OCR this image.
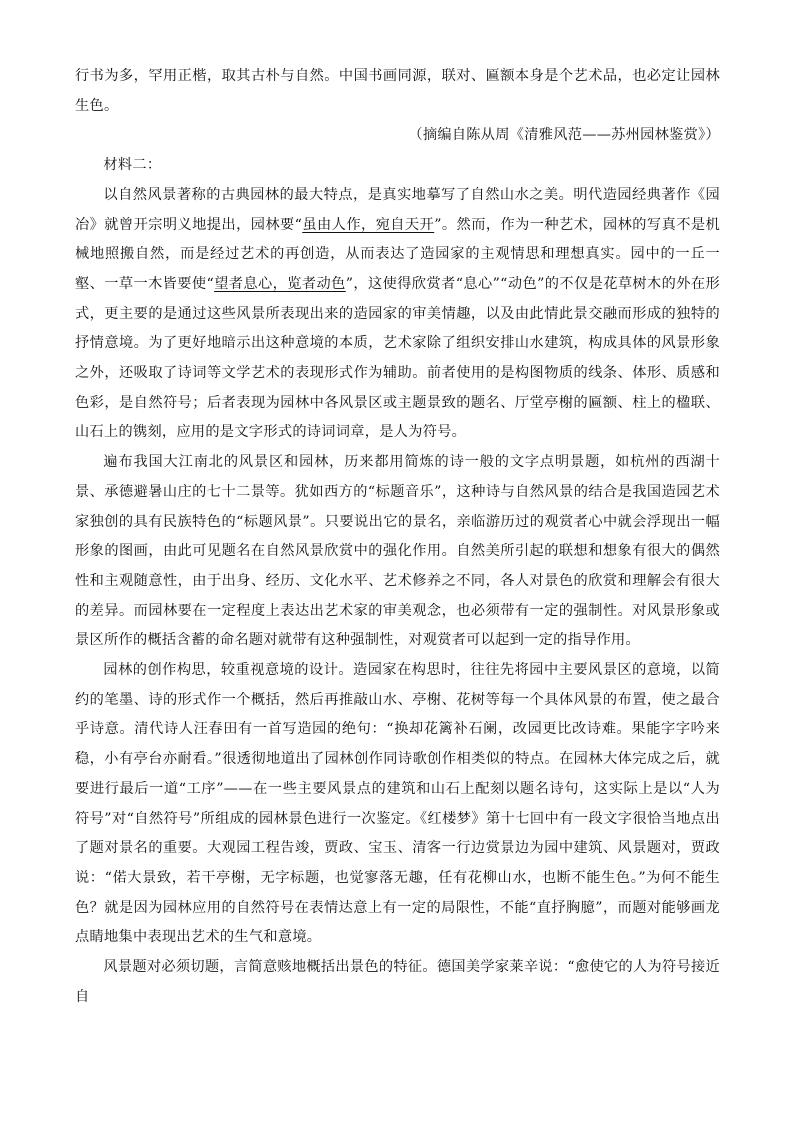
行书为多，罕用正楷，取其古朴与自然。中国书画同源，联对、匾额本身是个艺术品，也必定让园林生色。

（摘编自陈从周《清雅风范——苏州园林鉴赏》）

材料二：

以自然风景著称的古典园林的最大特点，是真实地摹写了自然山水之美。明代造园经典著作《园冶》就曾开宗明义地提出，园林要“虽由人作，宛自天开”。然而，作为一种艺术，园林的写真不是机械地照搬自然，而是经过艺术的再创造，从而表达了造园家的主观情思和理想真实。园中的一丘一壑、一草一木皆要使“望者息心，览者动色”，这使得欣赏者“息心”“动色”的不仅是花草树木的外在形式，更主要的是通过这些风景所表现出来的造园家的审美情趣，以及由此情此景交融而形成的独特的抒情意境。为了更好地暗示出这种意境的本质，艺术家除了组织安排山水建筑，构成具体的风景形象之外，还吸取了诗词等文学艺术的表现形式作为辅助。前者使用的是构图物质的线条、体形、质感和色彩，是自然符号；后者表现为园林中各风景区或主题景致的题名、厅堂亭榭的匾额、柱上的楹联、山石上的镌刻，应用的是文字形式的诗词词章，是人为符号。

遍布我国大江南北的风景区和园林，历来都用简炼的诗一般的文字点明景题，如杭州的西湖十景、承德避暑山庄的七十二景等。犹如西方的“标题音乐”，这种诗与自然风景的结合是我国造园艺术家独创的具有民族特色的“标题风景”。只要说出它的景名，亲临游历过的观赏者心中就会浮现出一幅形象的图画，由此可见题名在自然风景欣赏中的强化作用。自然美所引起的联想和想象有很大的偶然性和主观随意性，由于出身、经历、文化水平、艺术修养之不同，各人对景色的欣赏和理解会有很大的差异。而园林要在一定程度上表达出艺术家的审美观念，也必须带有一定的强制性。对风景形象或景区所作的概括含蓄的命名题对就带有这种强制性，对观赏者可以起到一定的指导作用。

园林的创作构思，较重视意境的设计。造园家在构思时，往往先将园中主要风景区的意境，以简约的笔墨、诗的形式作一个概括，然后再推敲山水、亭榭、花树等每一个具体风景的布置，使之最合乎诗意。清代诗人汪春田有一首写造园的绝句：“换却花篱补石阑，改园更比改诗难。果能字字吟来稳，小有亭台亦耐看。”很透彻地道出了园林创作同诗歌创作相类似的特点。在园林大体完成之后，就要进行最后一道“工序”——在一些主要风景点的建筑和山石上配刻以题名诗句，这实际上是以“人为符号”对“自然符号”所组成的园林景色进行一次鉴定。《红楼梦》第十七回中有一段文字很恰当地点出了题对景名的重要。大观园工程告竣，贾政、宝玉、清客一行边赏景边为园中建筑、风景题对，贾政说：“偌大景致，若干亭榭，无字标题，也觉寥落无趣，任有花柳山水，也断不能生色。”为何不能生色？就是因为园林应用的自然符号在表情达意上有一定的局限性，不能“直抒胸臆”，而题对能够画龙点睛地集中表现出艺术的生气和意境。

风景题对必须切题，言简意赅地概括出景色的特征。德国美学家莱辛说：“愈使它的人为符号接近自
